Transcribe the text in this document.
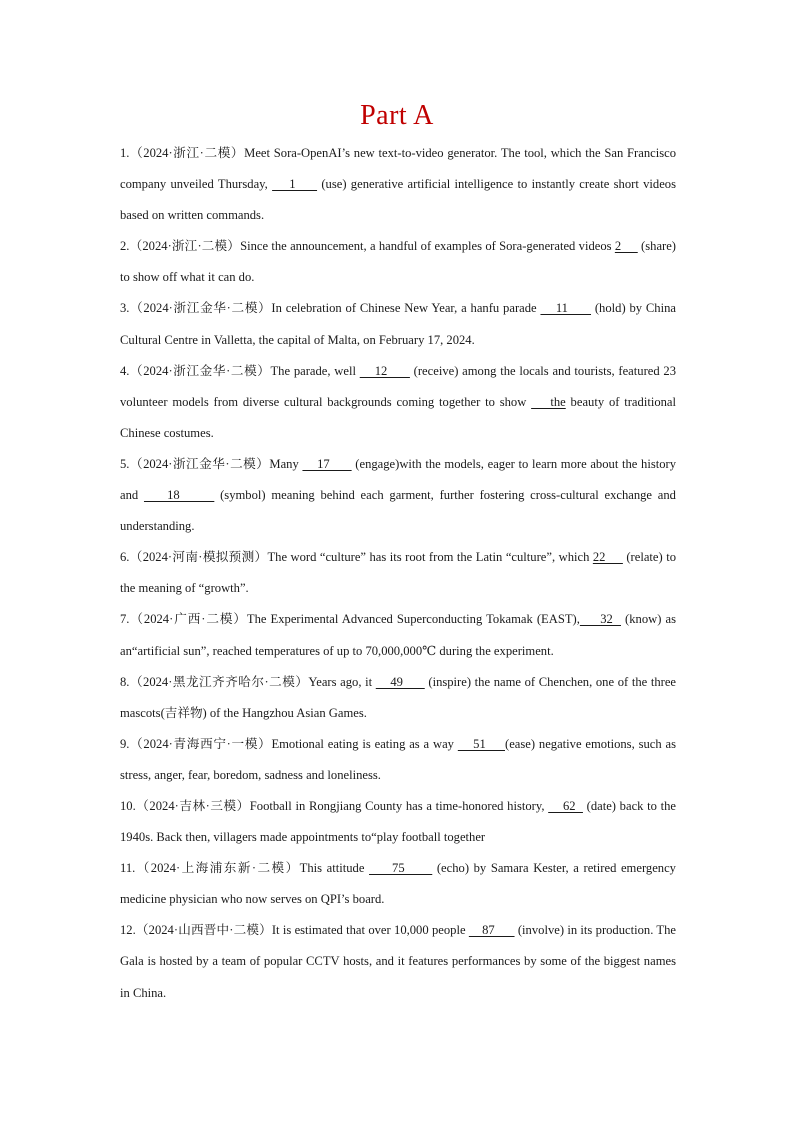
Part A

1.（2024·浙江·二模）Meet Sora-OpenAI’s new text-to-video generator. The tool, which the San Francisco company unveiled Thursday,     1      (use) generative artificial intelligence to instantly create short videos based on written commands.

2.（2024·浙江·二模）Since the announcement, a handful of examples of Sora-generated videos 2      (share) to show off what it can do.

3.（2024·浙江金华·二模）In celebration of Chinese New Year, a hanfu parade     11       (hold) by China Cultural Centre in Valletta, the capital of Malta, on February 17, 2024.

4.（2024·浙江金华·二模）The parade, well     12       (receive) among the locals and tourists, featured 23 volunteer models from diverse cultural backgrounds coming together to show     the beauty of traditional Chinese costumes.

5.（2024·浙江金华·二模）Many     17       (engage)with the models, eager to learn more about the history and     18       (symbol) meaning behind each garment, further fostering cross-cultural exchange and understanding.

6.（2024·河南·模拟预测）The word “culture” has its root from the Latin “culture”, which 22      (relate) to the meaning of “growth”.

7.（2024·广西·二模）The Experimental Advanced Superconducting Tokamak (EAST),     32   (know) as an“artificial sun”, reached temperatures of up to 70,000,000℃ during the experiment.

8.（2024·黑龙江齐齐哈尔·二模）Years ago, it     49       (inspire) the name of Chenchen, one of the three mascots(吉祥物) of the Hangzhou Asian Games.

9.（2024·青海西宁·一模）Emotional eating is eating as a way     51     (ease) negative emotions, such as stress, anger, fear, boredom, sadness and loneliness.

10.（2024·吉林·三模）Football in Rongjiang County has a time-honored history,     62   (date) back to the 1940s. Back then, villagers made appointments to“play football together

11.（2024·上海浦东新·二模）This attitude      75       (echo) by Samara Kester, a retired emergency medicine physician who now serves on QPI’s board.

12.（2024·山西晋中·二模）It is estimated that over 10,000 people     87       (involve) in its production. The Gala is hosted by a team of popular CCTV hosts, and it features performances by some of the biggest names in China.
